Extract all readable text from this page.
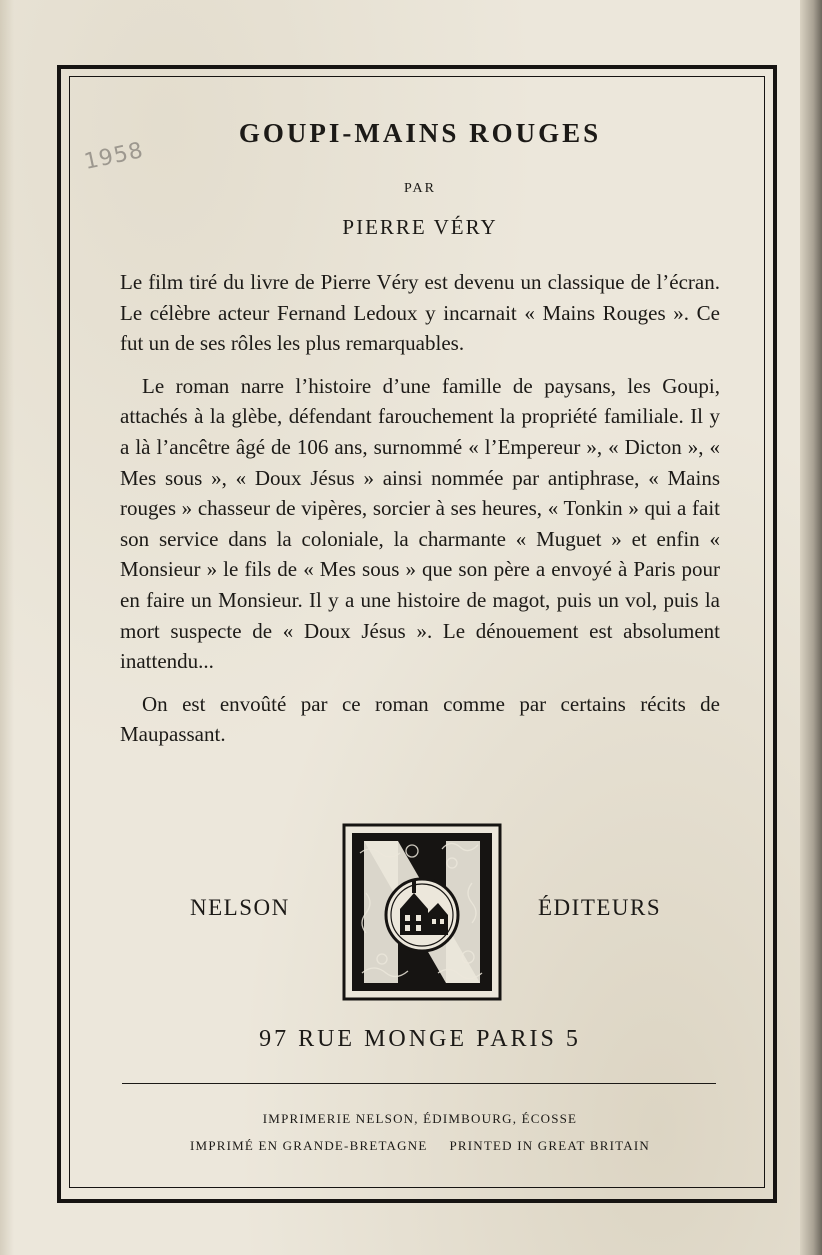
1958
GOUPI-MAINS ROUGES
PAR
PIERRE VÉRY

Le film tiré du livre de Pierre Véry est devenu un classique de l’écran. Le célèbre acteur Fernand Ledoux y incarnait « Mains Rouges ». Ce fut un de ses rôles les plus remarquables.

Le roman narre l’histoire d’une famille de paysans, les Goupi, attachés à la glèbe, défendant farouchement la propriété familiale. Il y a là l’ancêtre âgé de 106 ans, surnommé « l’Empereur », « Dicton », « Mes sous », « Doux Jésus » ainsi nommée par antiphrase, « Mains rouges » chasseur de vipères, sorcier à ses heures, « Tonkin » qui a fait son service dans la coloniale, la charmante « Muguet » et enfin « Monsieur » le fils de « Mes sous » que son père a envoyé à Paris pour en faire un Monsieur. Il y a une histoire de magot, puis un vol, puis la mort suspecte de « Doux Jésus ». Le dénouement est absolument inattendu...

On est envoûté par ce roman comme par certains récits de Maupassant.

NELSON	ÉDITEURS
97 RUE MONGE PARIS 5
IMPRIMERIE NELSON, ÉDIMBOURG, ÉCOSSE
IMPRIMÉ EN GRANDE-BRETAGNE PRINTED IN GREAT BRITAIN
